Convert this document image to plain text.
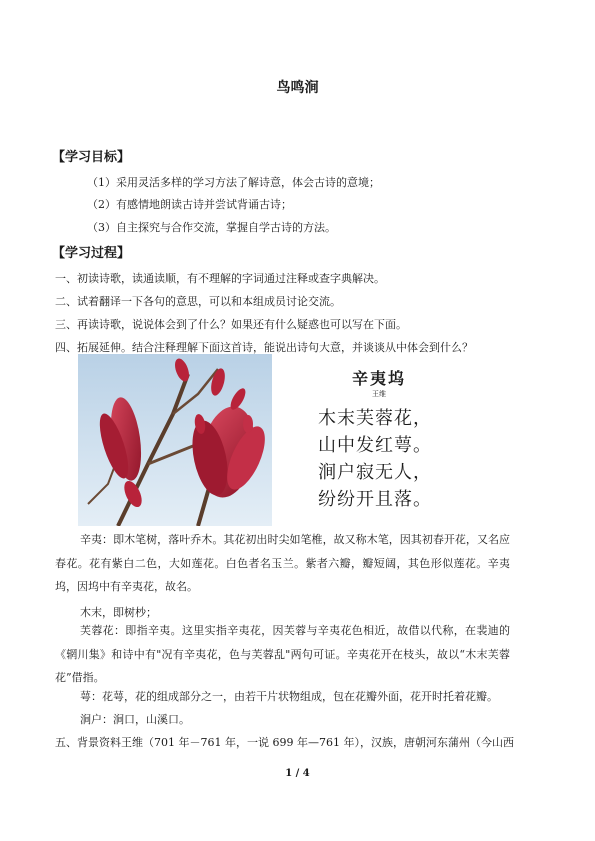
鸟鸣涧
【学习目标】
（1）采用灵活多样的学习方法了解诗意，体会古诗的意境；
（2）有感情地朗读古诗并尝试背诵古诗；
（3）自主探究与合作交流，掌握自学古诗的方法。
【学习过程】
一、初读诗歌，读通读顺，有不理解的字词通过注释或查字典解决。
二、试着翻译一下各句的意思，可以和本组成员讨论交流。
三、再读诗歌，说说体会到了什么？如果还有什么疑惑也可以写在下面。
四、拓展延伸。结合注释理解下面这首诗，能说出诗句大意，并谈谈从中体会到什么？
辛夷坞
王维
木末芙蓉花，
山中发红萼。
涧户寂无人，
纷纷开且落。
辛夷：即木笔树，落叶乔木。其花初出时尖如笔椎，故又称木笔，因其初春开花，又名应春花。花有紫白二色，大如莲花。白色者名玉兰。紫者六瓣，瓣短阔，其色形似莲花。辛夷坞，因坞中有辛夷花，故名。
木末，即树杪；
芙蓉花：即指辛夷。这里实指辛夷花，因芙蓉与辛夷花色相近，故借以代称，在裴迪的《辋川集》和诗中有"况有辛夷花，色与芙蓉乱"两句可证。辛夷花开在枝头，故以“木末芙蓉花”借指。
萼：花萼，花的组成部分之一，由若干片状物组成，包在花瓣外面，花开时托着花瓣。
涧户：涧口，山溪口。
五、背景资料王维（701 年－761 年，一说 699 年—761 年），汉族，唐朝河东蒲州（今山西
1 / 4
